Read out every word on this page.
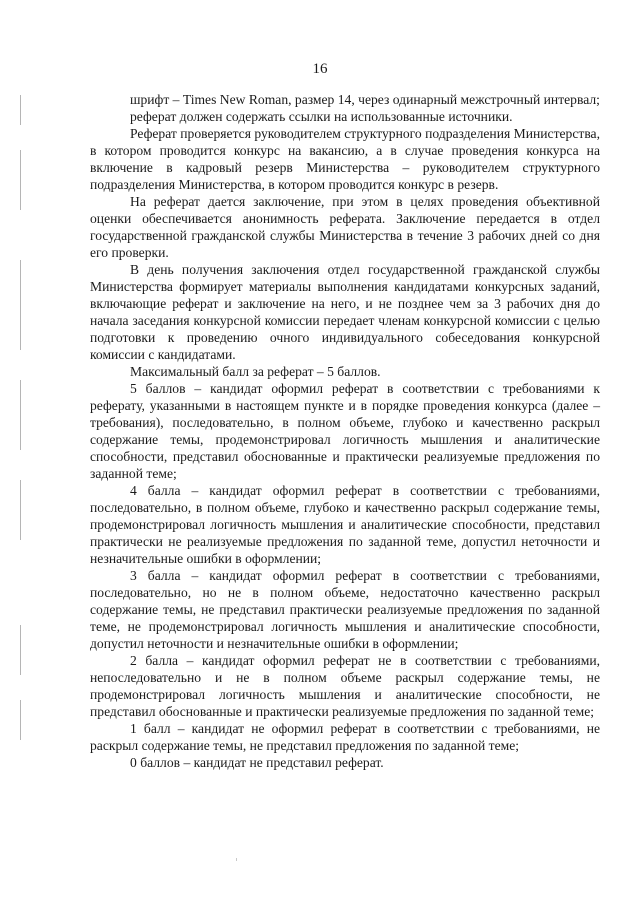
16

шрифт – Times New Roman, размер 14, через одинарный межстрочный интервал;

реферат должен содержать ссылки на использованные источники.

Реферат проверяется руководителем структурного подразделения Министерства, в котором проводится конкурс на вакансию, а в случае проведения конкурса на включение в кадровый резерв Министерства – руководителем структурного подразделения Министерства, в котором проводится конкурс в резерв.

На реферат дается заключение, при этом в целях проведения объективной оценки обеспечивается анонимность реферата. Заключение передается в отдел государственной гражданской службы Министерства в течение 3 рабочих дней со дня его проверки.

В день получения заключения отдел государственной гражданской службы Министерства формирует материалы выполнения кандидатами конкурсных заданий, включающие реферат и заключение на него, и не позднее чем за 3 рабочих дня до начала заседания конкурсной комиссии передает членам конкурсной комиссии с целью подготовки к проведению очного индивидуального собеседования конкурсной комиссии с кандидатами.

Максимальный балл за реферат – 5 баллов.

5 баллов – кандидат оформил реферат в соответствии с требованиями к реферату, указанными в настоящем пункте и в порядке проведения конкурса (далее – требования), последовательно, в полном объеме, глубоко и качественно раскрыл содержание темы, продемонстрировал логичность мышления и аналитические способности, представил обоснованные и практически реализуемые предложения по заданной теме;

4 балла – кандидат оформил реферат в соответствии с требованиями, последовательно, в полном объеме, глубоко и качественно раскрыл содержание темы, продемонстрировал логичность мышления и аналитические способности, представил практически не реализуемые предложения по заданной теме, допустил неточности и незначительные ошибки в оформлении;

3 балла – кандидат оформил реферат в соответствии с требованиями, последовательно, но не в полном объеме, недостаточно качественно раскрыл содержание темы, не представил практически реализуемые предложения по заданной теме, не продемонстрировал логичность мышления и аналитические способности, допустил неточности и незначительные ошибки в оформлении;

2 балла – кандидат оформил реферат не в соответствии с требованиями, непоследовательно и не в полном объеме раскрыл содержание темы, не продемонстрировал логичность мышления и аналитические способности, не представил обоснованные и практически реализуемые предложения по заданной теме;

1 балл – кандидат не оформил реферат в соответствии с требованиями, не раскрыл содержание темы, не представил предложения по заданной теме;

0 баллов – кандидат не представил реферат.
